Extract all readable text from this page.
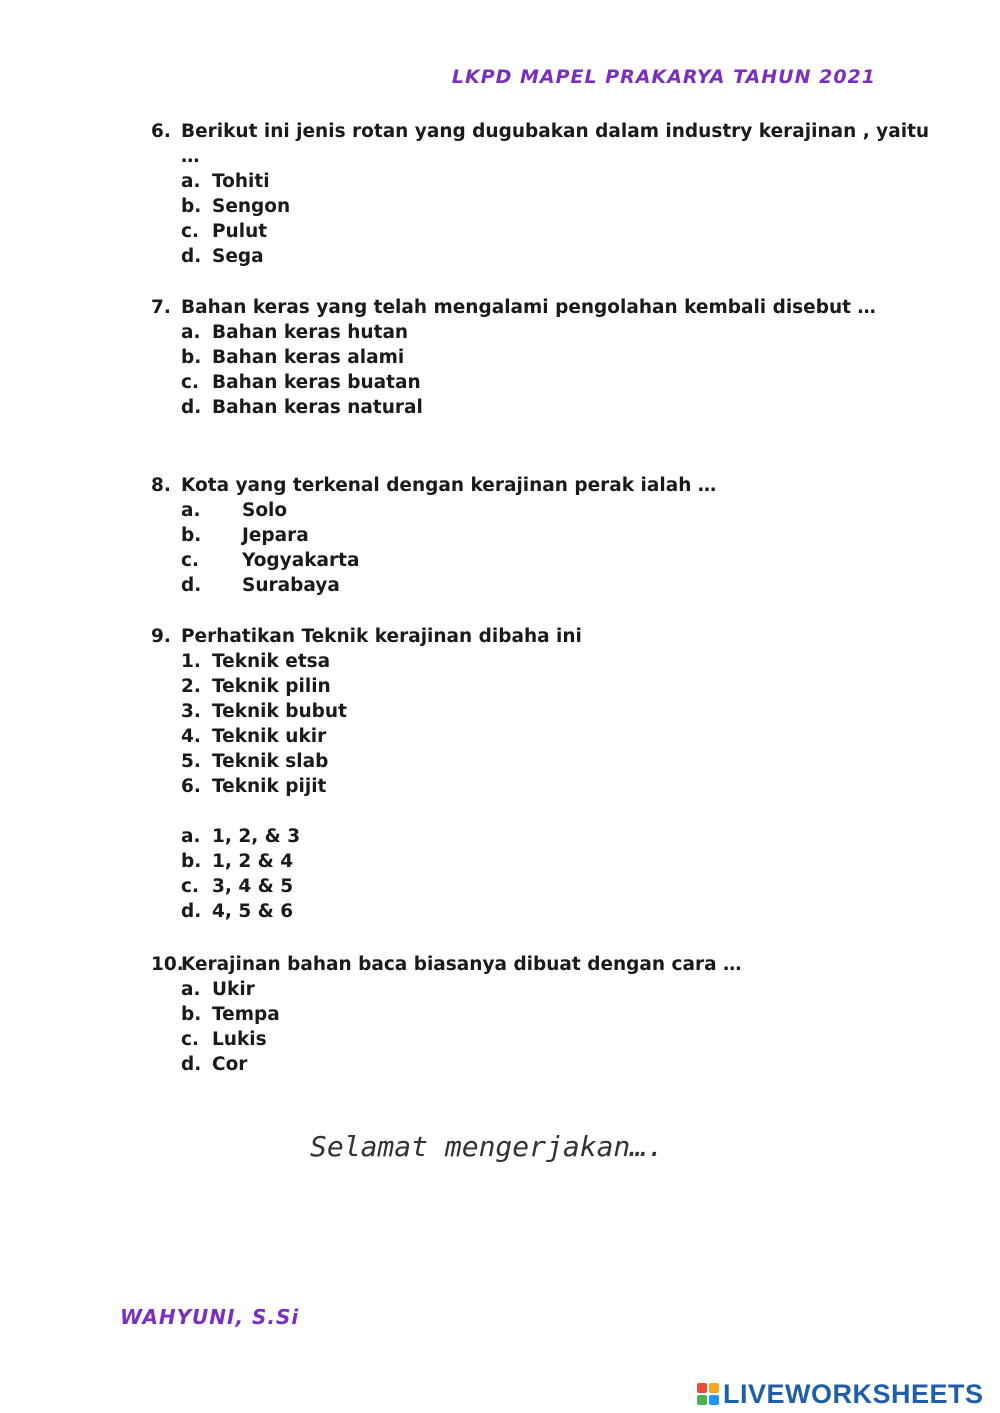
LKPD MAPEL PRAKARYA TAHUN 2021
6. Berikut ini jenis rotan yang dugubakan dalam industry kerajinan , yaitu
…
a. Tohiti
b. Sengon
c. Pulut
d. Sega
7. Bahan keras yang telah mengalami pengolahan kembali disebut …
a. Bahan keras hutan
b. Bahan keras alami
c. Bahan keras buatan
d. Bahan keras natural
8. Kota yang terkenal dengan kerajinan perak ialah …
a. Solo
b. Jepara
c. Yogyakarta
d. Surabaya
9. Perhatikan Teknik kerajinan dibaha ini
1. Teknik etsa
2. Teknik pilin
3. Teknik bubut
4. Teknik ukir
5. Teknik slab
6. Teknik pijit
a. 1, 2, & 3
b. 1, 2 & 4
c. 3, 4 & 5
d. 4, 5 & 6
10.
Kerajinan bahan baca biasanya dibuat dengan cara …
a. Ukir
b. Tempa
c. Lukis
d. Cor
Selamat mengerjakan….
WAHYUNI, S.Si
LIVEWORKSHEETS
